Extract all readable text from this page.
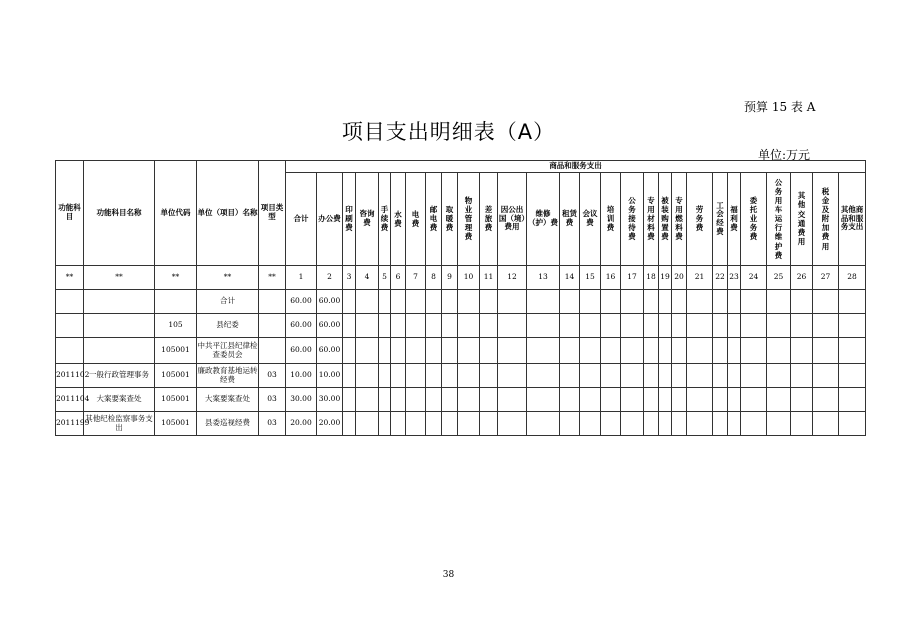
预算 15 表 A
项目支出明细表（A）
单位:万元
功能科目	功能科目名称	单位代码	单位（项目）名称	项目类型	商品和服务支出																											
					合计	办公费	印刷费	咨询费	手续费	水费	电费	邮电费	取暖费	物业管理费	差旅费	因公出国（境）费用	维修（护）费	租赁费	会议费	培训费	公务接待费	专用材料费	被装购置费	专用燃料费	劳务费	工会经费	福利费	委托业务费	公务用车运行维护费	其他交通费用	税金及附加费用	其他商品和服务支出
**	**	**	**	**	1	2	3	4	5	6	7	8	9	10	11	12	13	14	15	16	17	18	19	20	21	22	23	24	25	26	27	28
			合计		60.00	60.00																										
		105	县纪委		60.00	60.00																										
		105001	中共平江县纪律检查委员会		60.00	60.00																										
2011102	一般行政管理事务	105001	廉政教育基地运转经费	03	10.00	10.00																										
2011104	大案要案查处	105001	大案要案查处	03	30.00	30.00																										
2011199	其他纪检监察事务支出	105001	县委巡视经费	03	20.00	20.00																										
38
